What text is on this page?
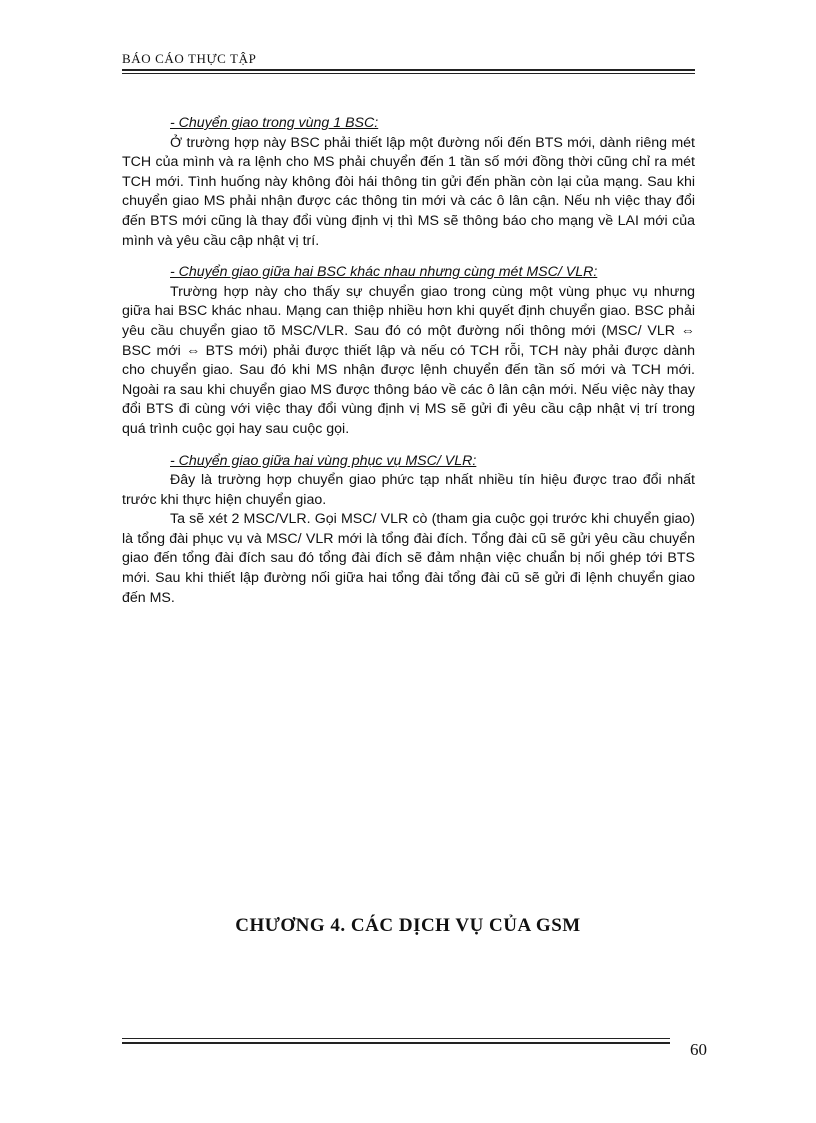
BÁO CÁO THỰC TẬP

- Chuyển giao trong vùng 1 BSC:

Ở trường hợp này BSC phải thiết lập một đường nối đến BTS mới, dành riêng mét TCH của mình và ra lệnh cho MS phải chuyển đến 1 tần số mới đồng thời cũng chỉ ra mét TCH mới. Tình huống này không đòi hái thông tin gửi đến phần còn lại của mạng. Sau khi chuyển giao MS phải nhận được các thông tin mới và các ô lân cận. Nếu nh việc thay đổi đến BTS mới cũng là thay đổi vùng định vị thì MS sẽ thông báo cho mạng về LAI mới của mình và yêu cầu cập nhật vị trí.

- Chuyển giao giữa hai BSC khác nhau nhưng cùng mét MSC/ VLR:

Trường hợp này cho thấy sự chuyển giao trong cùng một vùng phục vụ nhưng giữa hai BSC khác nhau. Mạng can thiệp nhiều hơn khi quyết định chuyển giao. BSC phải yêu cầu chuyển giao tõ MSC/VLR. Sau đó có một đường nối thông mới (MSC/ VLR ⇔ BSC mới ⇔ BTS mới) phải được thiết lập và nếu có TCH rỗi, TCH này phải được dành cho chuyển giao. Sau đó khi MS nhận được lệnh chuyển đến tần số mới và TCH mới. Ngoài ra sau khi chuyển giao MS được thông báo về các ô lân cận mới. Nếu việc này thay đổi BTS đi cùng với việc thay đổi vùng định vị MS sẽ gửi đi yêu cầu cập nhật vị trí trong quá trình cuộc gọi hay sau cuộc gọi.

- Chuyển giao giữa hai vùng phục vụ MSC/ VLR:

Đây là trường hợp chuyển giao phức tạp nhất nhiều tín hiệu được trao đổi nhất trước khi thực hiện chuyển giao.

Ta sẽ xét 2 MSC/VLR. Gọi MSC/ VLR cò (tham gia cuộc gọi trước khi chuyển giao) là tổng đài phục vụ và MSC/ VLR mới là tổng đài đích. Tổng đài cũ sẽ gửi yêu cầu chuyển giao đến tổng đài đích sau đó tổng đài đích sẽ đảm nhận việc chuẩn bị nối ghép tới BTS mới. Sau khi thiết lập đường nối giữa hai tổng đài tổng đài cũ sẽ gửi đi lệnh chuyển giao đến MS.

CHƯƠNG 4. CÁC DỊCH VỤ CỦA GSM
60
